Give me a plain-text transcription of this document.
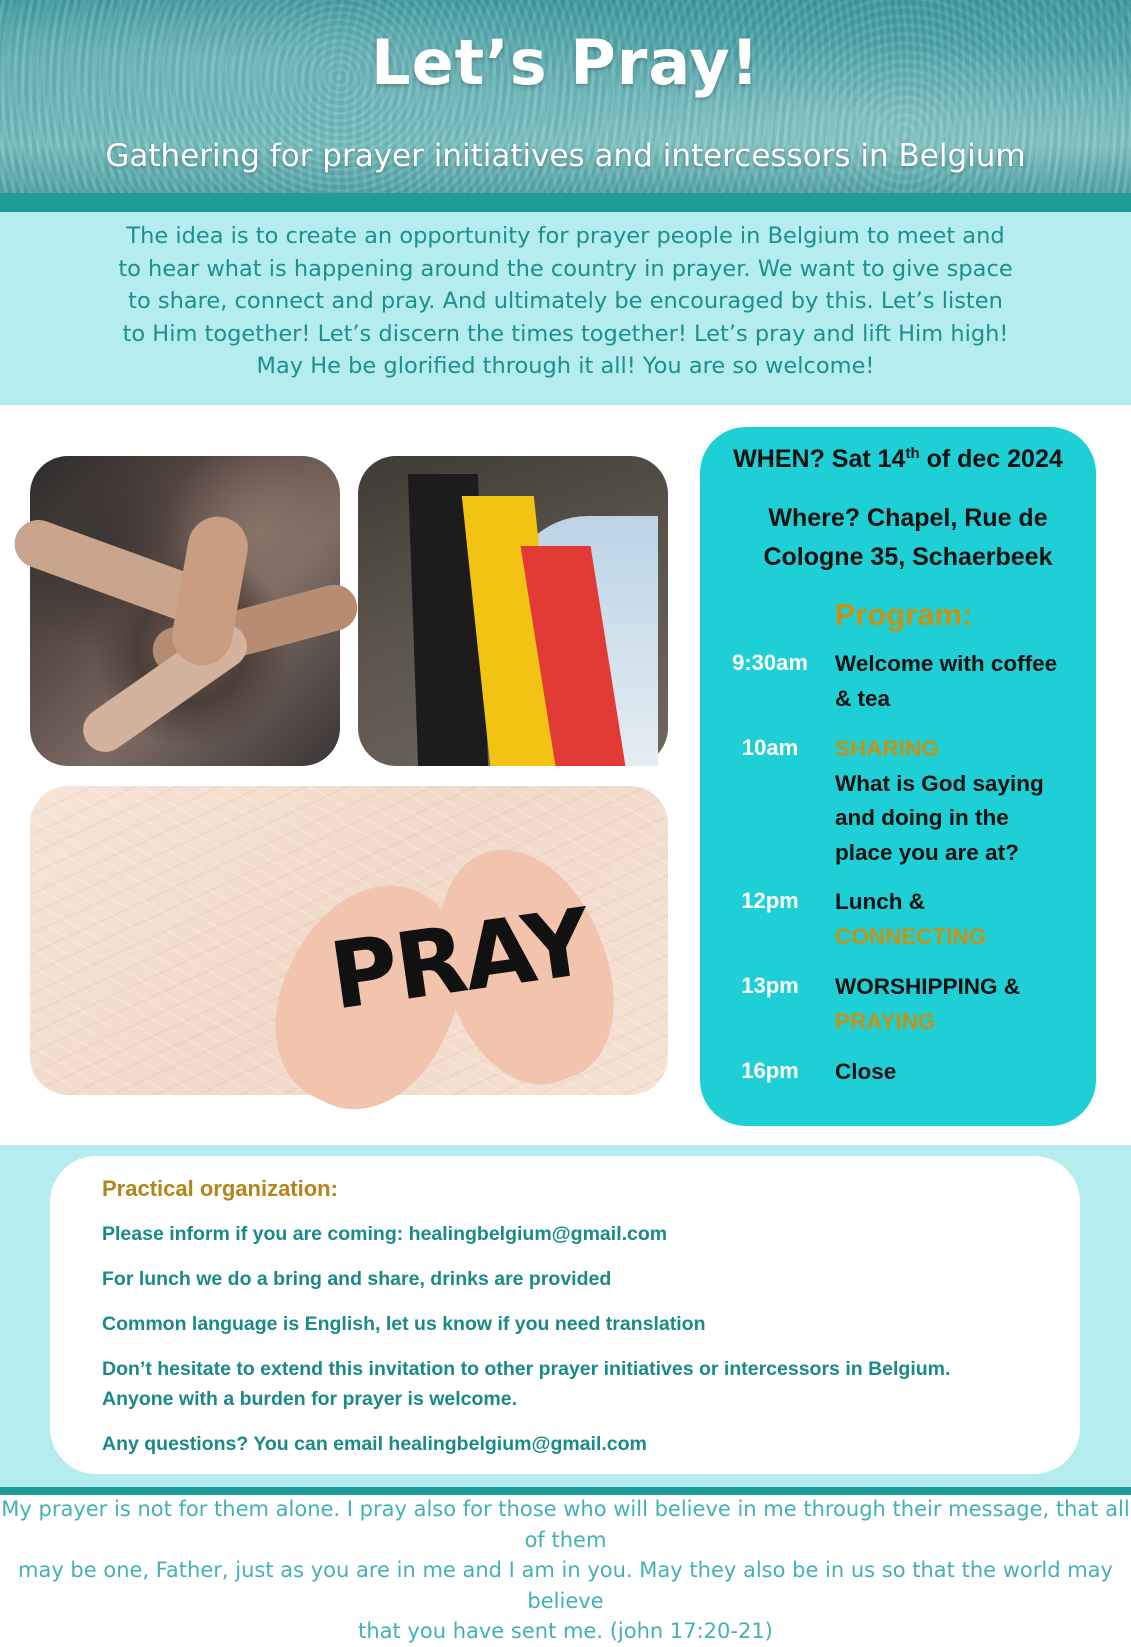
Let’s Pray!
Gathering for prayer initiatives and intercessors in Belgium
The idea is to create an opportunity for prayer people in Belgium to meet and
to hear what is happening around the country in prayer. We want to give space
to share, connect and pray. And ultimately be encouraged by this. Let’s listen
to Him together! Let’s discern the times together! Let’s pray and lift Him high!
May He be glorified through it all! You are so welcome!
PRAY
WHEN? Sat 14th of dec 2024
Where? Chapel, Rue de
Cologne 35, Schaerbeek
Program:
9:30am	Welcome with coffee
& tea
10am	SHARING
What is God saying
and doing in the
place you are at?
12pm	Lunch &
CONNECTING
13pm	WORSHIPPING &
PRAYING
16pm	Close
Practical organization:
Please inform if you are coming: healingbelgium@gmail.com
For lunch we do a bring and share, drinks are provided
Common language is English, let us know if you need translation
Don’t hesitate to extend this invitation to other prayer initiatives or intercessors in Belgium.
Anyone with a burden for prayer is welcome.
Any questions? You can email healingbelgium@gmail.com
My prayer is not for them alone. I pray also for those who will believe in me through their message, that all of them
may be one, Father, just as you are in me and I am in you. May they also be in us so that the world may believe
that you have sent me. (john 17:20-21)
